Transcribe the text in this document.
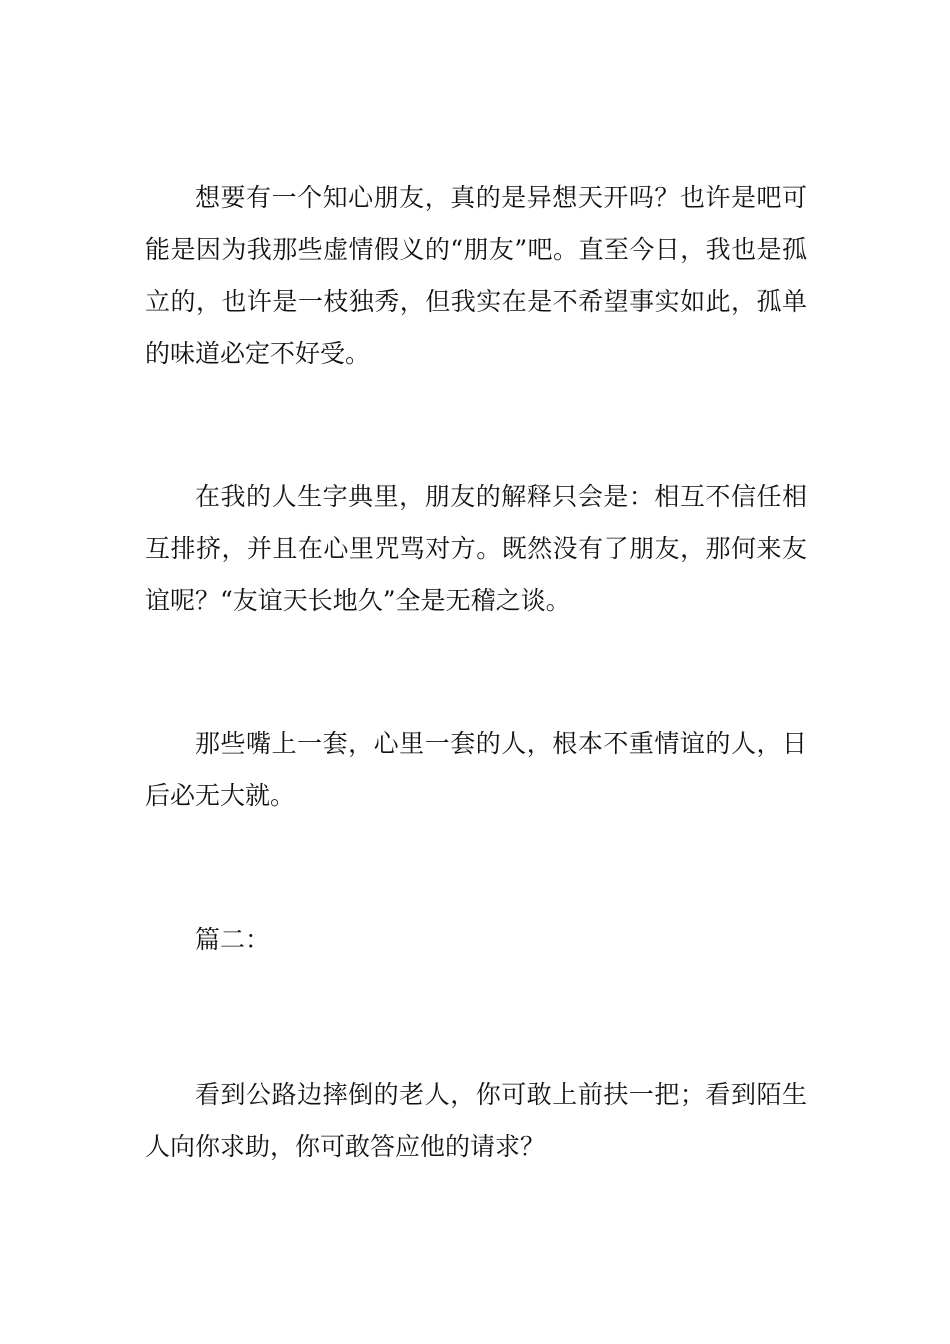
想要有一个知心朋友，真的是异想天开吗？也许是吧可能是因为我那些虚情假义的“朋友”吧。直至今日，我也是孤立的，也许是一枝独秀，但我实在是不希望事实如此，孤单的味道必定不好受。

在我的人生字典里，朋友的解释只会是：相互不信任相互排挤，并且在心里咒骂对方。既然没有了朋友，那何来友谊呢？“友谊天长地久”全是无稽之谈。

那些嘴上一套，心里一套的人，根本不重情谊的人，日后必无大就。

篇二：

看到公路边摔倒的老人，你可敢上前扶一把；看到陌生人向你求助，你可敢答应他的请求？
